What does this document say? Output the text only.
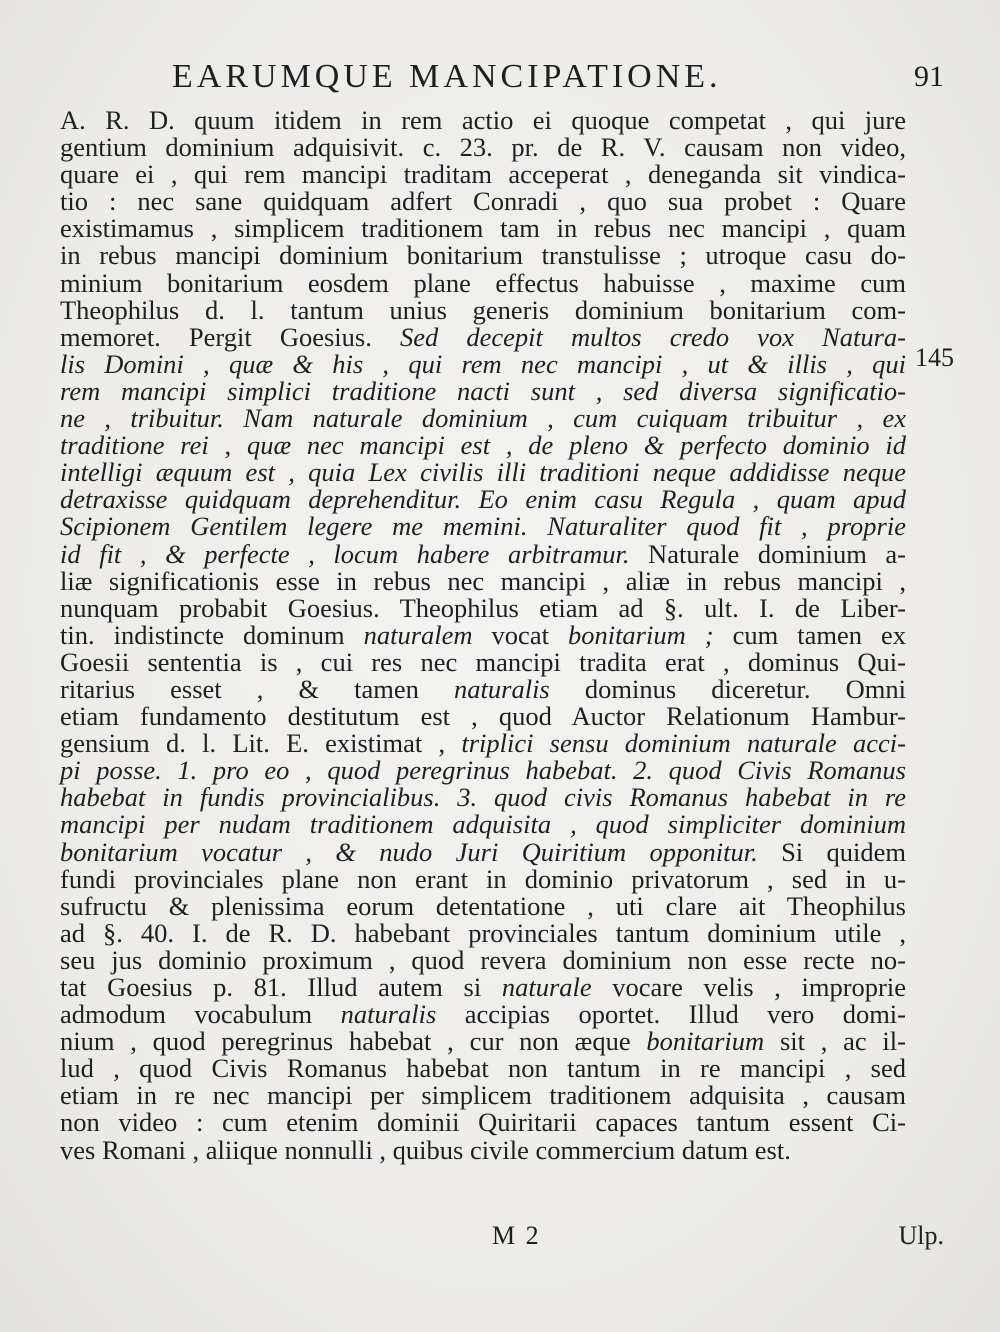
EARUMQUE MANCIPATIONE.	91
A. R. D. quum itidem in rem actio ei quoque competat , qui jure
gentium dominium adquisivit. c. 23. pr. de R. V. causam non video,
quare ei , qui rem mancipi traditam acceperat , deneganda sit vindica-
tio : nec sane quidquam adfert Conradi , quo sua probet : Quare
existimamus , simplicem traditionem tam in rebus nec mancipi , quam
in rebus mancipi dominium bonitarium transtulisse ; utroque casu do-
minium bonitarium eosdem plane effectus habuisse , maxime cum
Theophilus d. l. tantum unius generis dominium bonitarium com-
memoret. Pergit Goesius. Sed decepit multos credo vox Natura-
lis Domini , quæ & his , qui rem nec mancipi , ut & illis , qui
rem mancipi simplici traditione nacti sunt , sed diversa significatio-
ne , tribuitur. Nam naturale dominium , cum cuiquam tribuitur , ex
traditione rei , quæ nec mancipi est , de pleno & perfecto dominio id
intelligi æquum est , quia Lex civilis illi traditioni neque addidisse neque
detraxisse quidquam deprehenditur. Eo enim casu Regula , quam apud
Scipionem Gentilem legere me memini. Naturaliter quod fit , proprie
id fit , & perfecte , locum habere arbitramur. Naturale dominium a-
liæ significationis esse in rebus nec mancipi , aliæ in rebus mancipi ,
nunquam probabit Goesius. Theophilus etiam ad §. ult. I. de Liber-
tin. indistincte dominum naturalem vocat bonitarium ; cum tamen ex
Goesii sententia is , cui res nec mancipi tradita erat , dominus Qui-
ritarius esset , & tamen naturalis dominus diceretur. Omni
etiam fundamento destitutum est , quod Auctor Relationum Hambur-
gensium d. l. Lit. E. existimat , triplici sensu dominium naturale acci-
pi posse. 1. pro eo , quod peregrinus habebat. 2. quod Civis Romanus
habebat in fundis provincialibus. 3. quod civis Romanus habebat in re
mancipi per nudam traditionem adquisita , quod simpliciter dominium
bonitarium vocatur , & nudo Juri Quiritium opponitur. Si quidem
fundi provinciales plane non erant in dominio privatorum , sed in u-
sufructu & plenissima eorum detentatione , uti clare ait Theophilus
ad §. 40. I. de R. D. habebant provinciales tantum dominium utile ,
seu jus dominio proximum , quod revera dominium non esse recte no-
tat Goesius p. 81. Illud autem si naturale vocare velis , improprie
admodum vocabulum naturalis accipias oportet. Illud vero domi-
nium , quod peregrinus habebat , cur non æque bonitarium sit , ac il-
lud , quod Civis Romanus habebat non tantum in re mancipi , sed
etiam in re nec mancipi per simplicem traditionem adquisita , causam
non video : cum etenim dominii Quiritarii capaces tantum essent Ci-
ves Romani , aliique nonnulli , quibus civile commercium datum est.
145
M 2	Ulp.
